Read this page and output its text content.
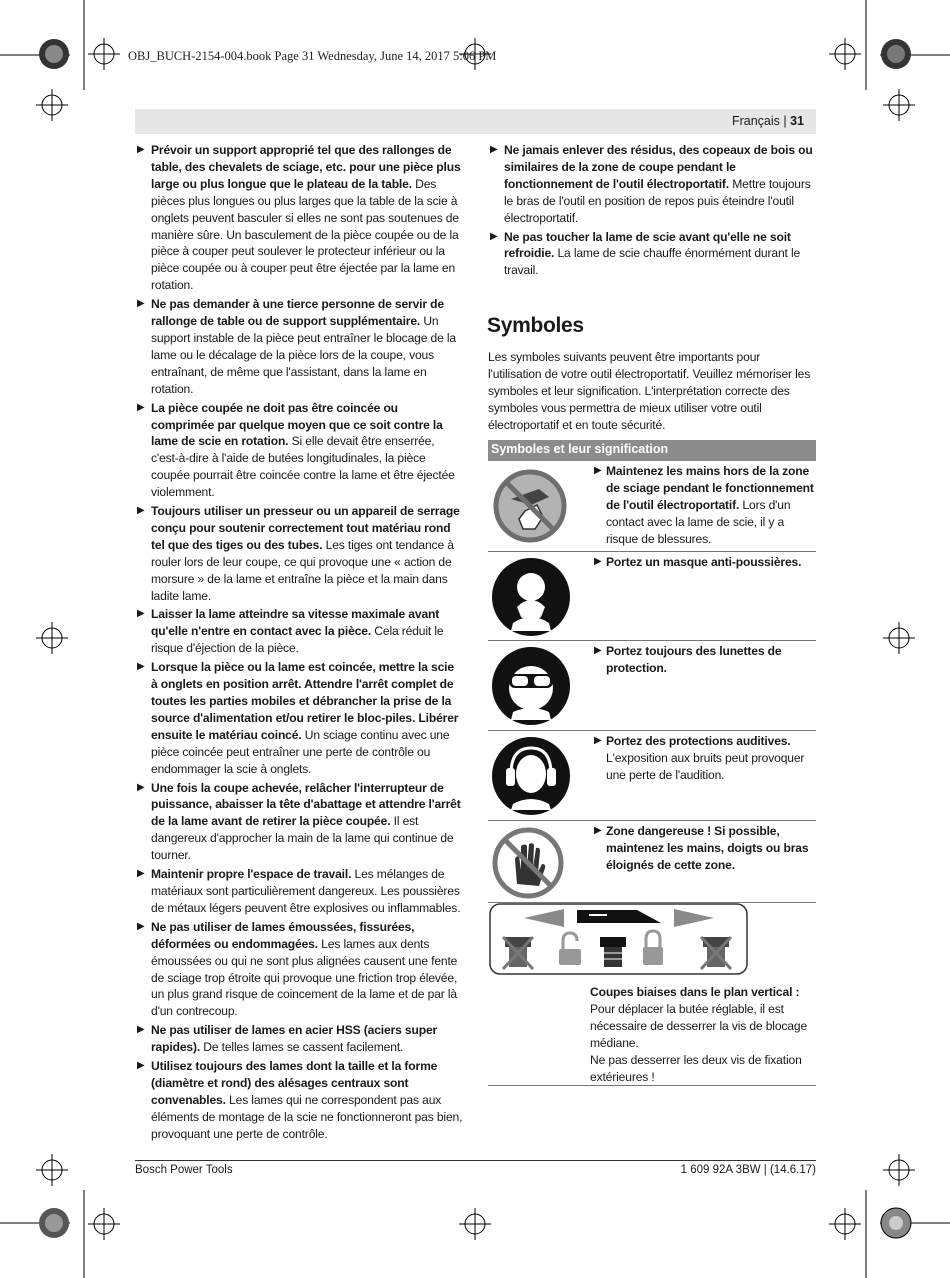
OBJ_BUCH-2154-004.book Page 31 Wednesday, June 14, 2017 5:06 PM
Français | 31
▶ Prévoir un support approprié tel que des rallonges de table, des chevalets de sciage, etc. pour une pièce plus large ou plus longue que le plateau de la table. Des pièces plus longues ou plus larges que la table de la scie à onglets peuvent basculer si elles ne sont pas soutenues de manière sûre. Un basculement de la pièce coupée ou de la pièce à couper peut soulever le protecteur inférieur ou la pièce coupée ou à couper peut être éjectée par la lame en rotation.
▶ Ne pas demander à une tierce personne de servir de rallonge de table ou de support supplémentaire. Un support instable de la pièce peut entraîner le blocage de la lame ou le décalage de la pièce lors de la coupe, vous entraînant, de même que l'assistant, dans la lame en rotation.
▶ La pièce coupée ne doit pas être coincée ou comprimée par quelque moyen que ce soit contre la lame de scie en rotation. Si elle devait être enserrée, c'est-à-dire à l'aide de butées longitudinales, la pièce coupée pourrait être coincée contre la lame et être éjectée violemment.
▶ Toujours utiliser un presseur ou un appareil de serrage conçu pour soutenir correctement tout matériau rond tel que des tiges ou des tubes. Les tiges ont tendance à rouler lors de leur coupe, ce qui provoque une « action de morsure » de la lame et entraîne la pièce et la main dans ladite lame.
▶ Laisser la lame atteindre sa vitesse maximale avant qu'elle n'entre en contact avec la pièce. Cela réduit le risque d'éjection de la pièce.
▶ Lorsque la pièce ou la lame est coincée, mettre la scie à onglets en position arrêt. Attendre l'arrêt complet de toutes les parties mobiles et débrancher la prise de la source d'alimentation et/ou retirer le bloc-piles. Libérer ensuite le matériau coincé. Un sciage continu avec une pièce coincée peut entraîner une perte de contrôle ou endommager la scie à onglets.
▶ Une fois la coupe achevée, relâcher l'interrupteur de puissance, abaisser la tête d'abattage et attendre l'arrêt de la lame avant de retirer la pièce coupée. Il est dangereux d'approcher la main de la lame qui continue de tourner.
▶ Maintenir propre l'espace de travail. Les mélanges de matériaux sont particulièrement dangereux. Les poussières de métaux légers peuvent être explosives ou inflammables.
▶ Ne pas utiliser de lames émoussées, fissurées, déformées ou endommagées. Les lames aux dents émoussées ou qui ne sont plus alignées causent une fente de sciage trop étroite qui provoque une friction trop élevée, un plus grand risque de coincement de la lame et de par là d'un contrecoup.
▶ Ne pas utiliser de lames en acier HSS (aciers super rapides). De telles lames se cassent facilement.
▶ Utilisez toujours des lames dont la taille et la forme (diamètre et rond) des alésages centraux sont convenables. Les lames qui ne correspondent pas aux éléments de montage de la scie ne fonctionneront pas bien, provoquant une perte de contrôle.
▶ Ne jamais enlever des résidus, des copeaux de bois ou similaires de la zone de coupe pendant le fonctionnement de l'outil électroportatif. Mettre toujours le bras de l'outil en position de repos puis éteindre l'outil électroportatif.
▶ Ne pas toucher la lame de scie avant qu'elle ne soit refroidie. La lame de scie chauffe énormément durant le travail.
Symboles
Les symboles suivants peuvent être importants pour l'utilisation de votre outil électroportatif. Veuillez mémoriser les symboles et leur signification. L'interprétation correcte des symboles vous permettra de mieux utiliser votre outil électroportatif et en toute sécurité.
Symboles et leur signification
▶ Maintenez les mains hors de la zone de sciage pendant le fonctionnement de l'outil électroportatif. Lors d'un contact avec la lame de scie, il y a risque de blessures.
▶ Portez un masque anti-poussières.
▶ Portez toujours des lunettes de protection.
▶ Portez des protections auditives. L'exposition aux bruits peut provoquer une perte de l'audition.
▶ Zone dangereuse ! Si possible, maintenez les mains, doigts ou bras éloignés de cette zone.
Coupes biaises dans le plan vertical :
Pour déplacer la butée réglable, il est nécessaire de desserrer la vis de blocage médiane.
Ne pas desserrer les deux vis de fixation extérieures !
Bosch Power Tools	1 609 92A 3BW | (14.6.17)
